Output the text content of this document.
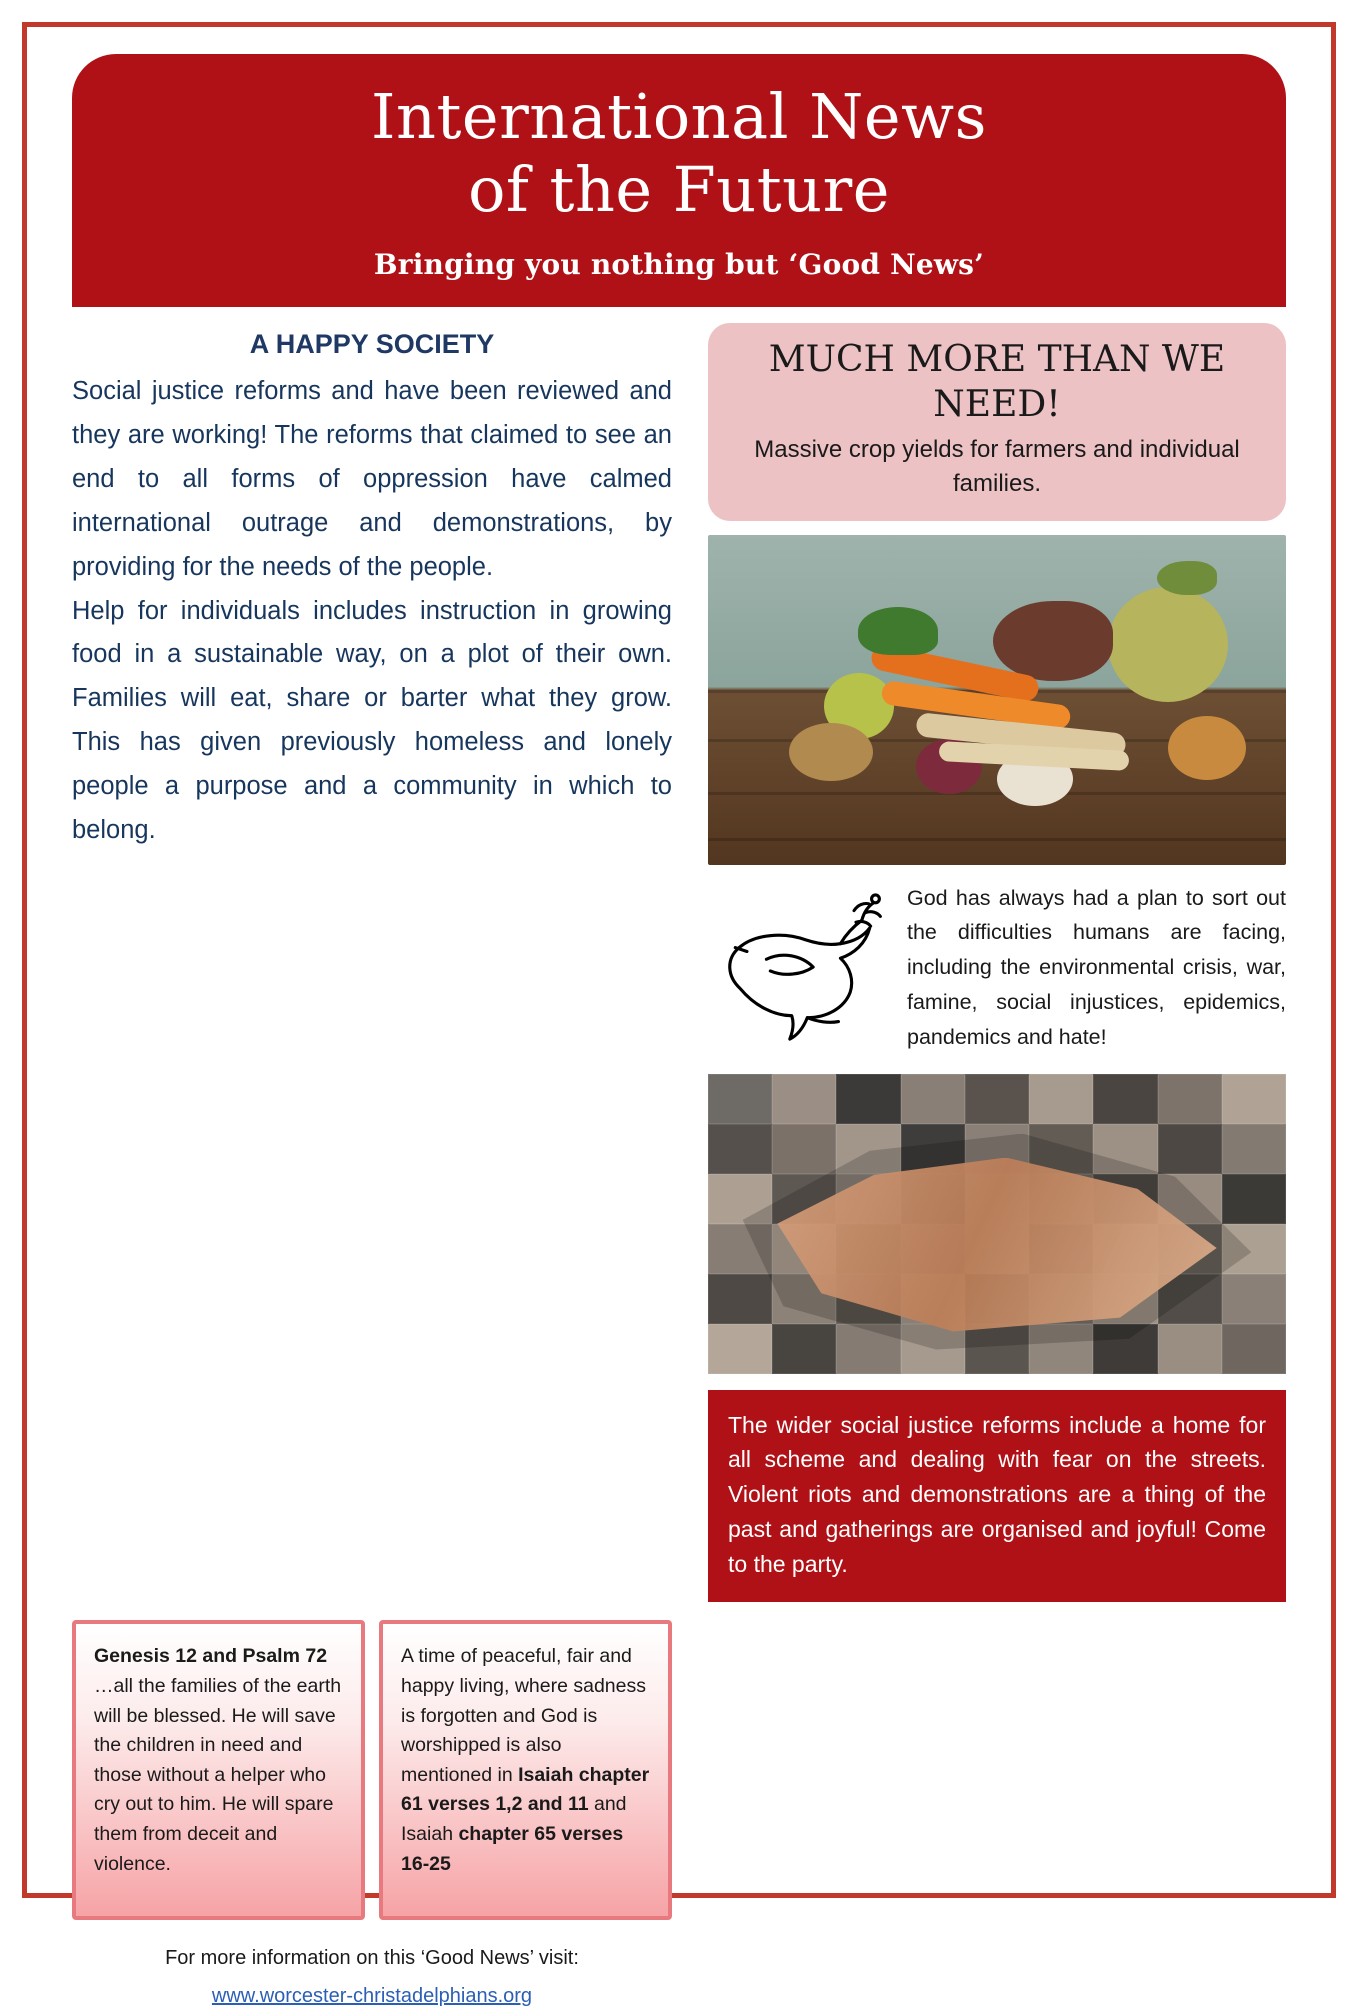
International News
of the Future
Bringing you nothing but ‘Good News’
A HAPPY SOCIETY

Social justice reforms and have been reviewed and they are working! The reforms that claimed to see an end to all forms of oppression have calmed international outrage and demonstrations, by providing for the needs of the people.

Help for individuals includes instruction in growing food in a sustainable way, on a plot of their own. Families will eat, share or barter what they grow. This has given previously homeless and lonely people a purpose and a community in which to belong.

MUCH MORE THAN WE NEED!
Massive crop yields for farmers and individual families.
God has always had a plan to sort out the difficulties humans are facing, including the environmental crisis, war, famine, social injustices, epidemics, pandemics and hate!
The wider social justice reforms include a home for all scheme and dealing with fear on the streets. Violent riots and demonstrations are a thing of the past and gatherings are organised and joyful! Come to the party.
Genesis 12 and Psalm 72 …all the families of the earth will be blessed. He will save the children in need and those without a helper who cry out to him. He will spare them from deceit and violence.
A time of peaceful, fair and happy living, where sadness is forgotten and God is worshipped is also mentioned in Isaiah chapter 61 verses 1,2 and 11 and Isaiah chapter 65 verses 16-25
For more information on this ‘Good News’ visit:
www.worcester-christadelphians.org
